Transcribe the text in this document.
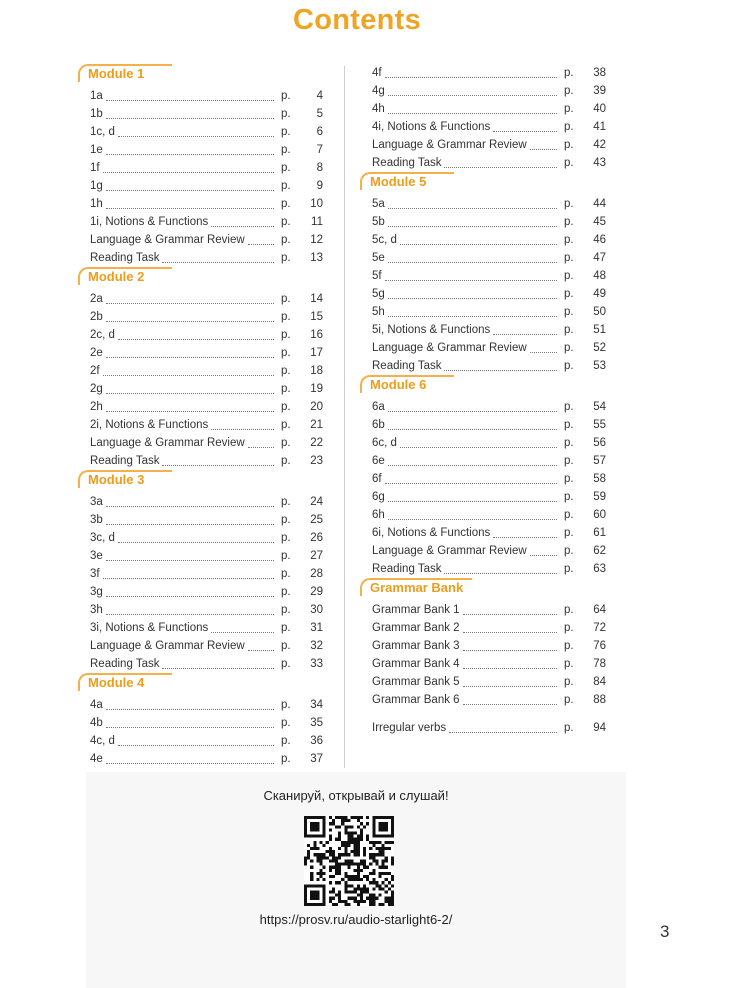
Contents
Module 1
1a	p.	4
1b	p.	5
1c, d	p.	6
1e	p.	7
1f	p.	8
1g	p.	9
1h	p.	10
1i, Notions & Functions	p.	11
Language & Grammar Review	p.	12
Reading Task	p.	13
Module 2
2a	p.	14
2b	p.	15
2c, d	p.	16
2e	p.	17
2f	p.	18
2g	p.	19
2h	p.	20
2i, Notions & Functions	p.	21
Language & Grammar Review	p.	22
Reading Task	p.	23
Module 3
3a	p.	24
3b	p.	25
3c, d	p.	26
3e	p.	27
3f	p.	28
3g	p.	29
3h	p.	30
3i, Notions & Functions	p.	31
Language & Grammar Review	p.	32
Reading Task	p.	33
Module 4
4a	p.	34
4b	p.	35
4c, d	p.	36
4e	p.	37
4f	p.	38
4g	p.	39
4h	p.	40
4i, Notions & Functions	p.	41
Language & Grammar Review	p.	42
Reading Task	p.	43
Module 5
5a	p.	44
5b	p.	45
5c, d	p.	46
5e	p.	47
5f	p.	48
5g	p.	49
5h	p.	50
5i, Notions & Functions	p.	51
Language & Grammar Review	p.	52
Reading Task	p.	53
Module 6
6a	p.	54
6b	p.	55
6c, d	p.	56
6e	p.	57
6f	p.	58
6g	p.	59
6h	p.	60
6i, Notions & Functions	p.	61
Language & Grammar Review	p.	62
Reading Task	p.	63
Grammar Bank
Grammar Bank 1	p.	64
Grammar Bank 2	p.	72
Grammar Bank 3	p.	76
Grammar Bank 4	p.	78
Grammar Bank 5	p.	84
Grammar Bank 6	p.	88
Irregular verbs	p.	94
Сканируй, открывай и слушай!
https://prosv.ru/audio-starlight6-2/
3
